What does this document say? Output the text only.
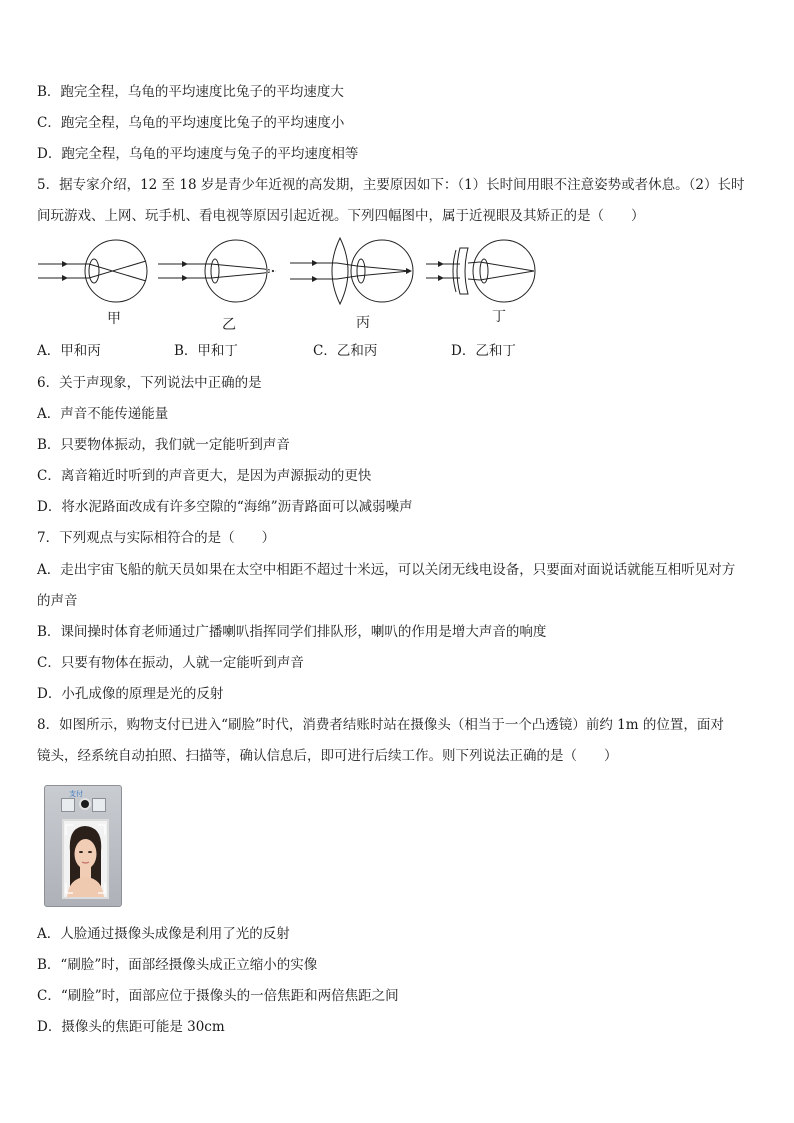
B．跑完全程，乌龟的平均速度比兔子的平均速度大
C．跑完全程，乌龟的平均速度比兔子的平均速度小
D．跑完全程，乌龟的平均速度与兔子的平均速度相等
5．据专家介绍，12 至 18 岁是青少年近视的高发期，主要原因如下：（1）长时间用眼不注意姿势或者休息。（2）长时
间玩游戏、上网、玩手机、看电视等原因引起近视。下列四幅图中，属于近视眼及其矫正的是（　　）
甲	乙	丙	丁
A．甲和丙	B．甲和丁	C．乙和丙	D．乙和丁
6．关于声现象，下列说法中正确的是
A．声音不能传递能量
B．只要物体振动，我们就一定能听到声音
C．离音箱近时听到的声音更大，是因为声源振动的更快
D．将水泥路面改成有许多空隙的“海绵”沥青路面可以减弱噪声
7．下列观点与实际相符合的是（　　）
A．走出宇宙飞船的航天员如果在太空中相距不超过十米远，可以关闭无线电设备，只要面对面说话就能互相听见对方
的声音
B．课间操时体育老师通过广播喇叭指挥同学们排队形，喇叭的作用是增大声音的响度
C．只要有物体在振动，人就一定能听到声音
D．小孔成像的原理是光的反射
8．如图所示，购物支付已进入“刷脸”时代，消费者结账时站在摄像头（相当于一个凸透镜）前约 1m 的位置，面对
镜头，经系统自动拍照、扫描等，确认信息后，即可进行后续工作。则下列说法正确的是（　　）
支付
A．人脸通过摄像头成像是利用了光的反射
B．“刷脸”时，面部经摄像头成正立缩小的实像
C．“刷脸”时，面部应位于摄像头的一倍焦距和两倍焦距之间
D．摄像头的焦距可能是 30cm
